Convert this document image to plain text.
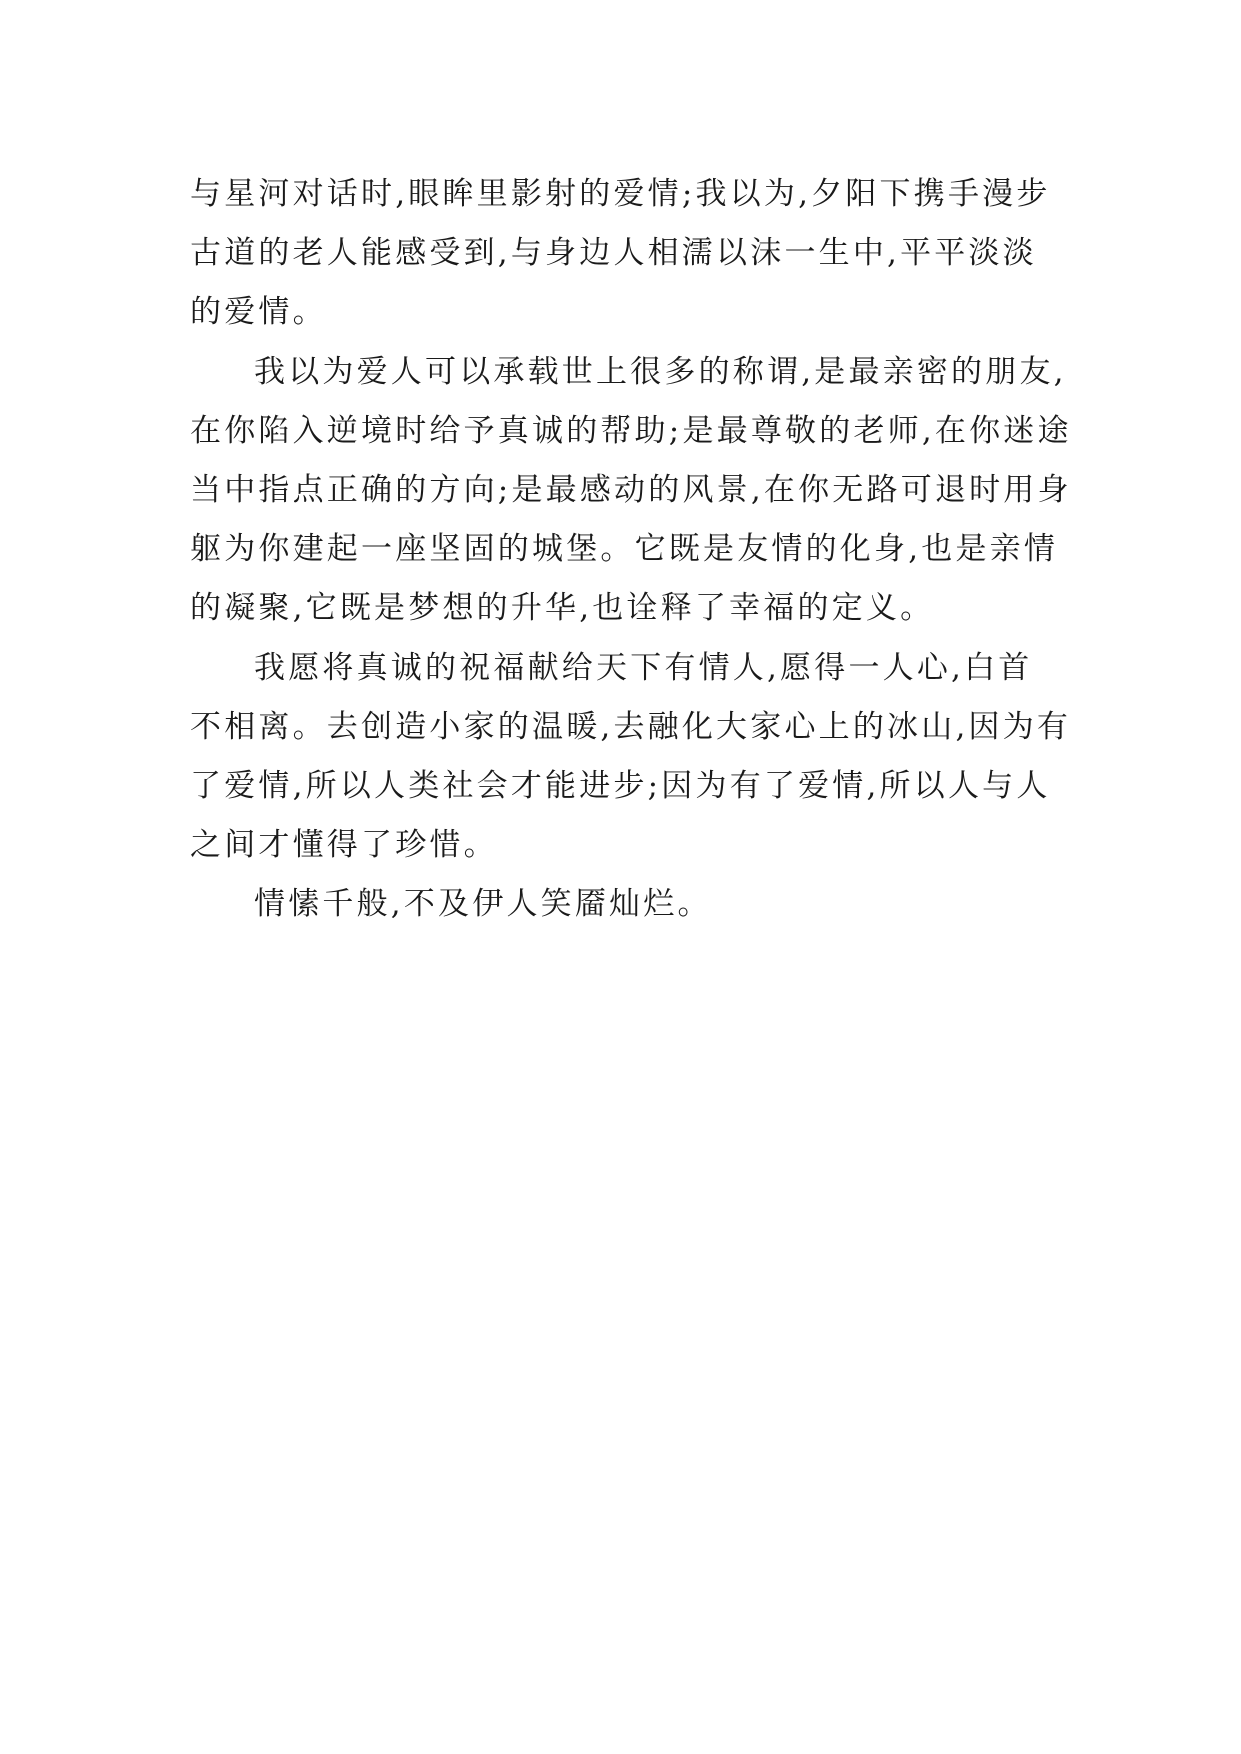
与星河对话时,眼眸里影射的爱情;我以为,夕阳下携手漫步
古道的老人能感受到,与身边人相濡以沫一生中,平平淡淡
的爱情。
我以为爱人可以承载世上很多的称谓,是最亲密的朋友,
在你陷入逆境时给予真诚的帮助;是最尊敬的老师,在你迷途
当中指点正确的方向;是最感动的风景,在你无路可退时用身
躯为你建起一座坚固的城堡。它既是友情的化身,也是亲情
的凝聚,它既是梦想的升华,也诠释了幸福的定义。
我愿将真诚的祝福献给天下有情人,愿得一人心,白首
不相离。去创造小家的温暖,去融化大家心上的冰山,因为有
了爱情,所以人类社会才能进步;因为有了爱情,所以人与人
之间才懂得了珍惜。
情愫千般,不及伊人笑靥灿烂。
